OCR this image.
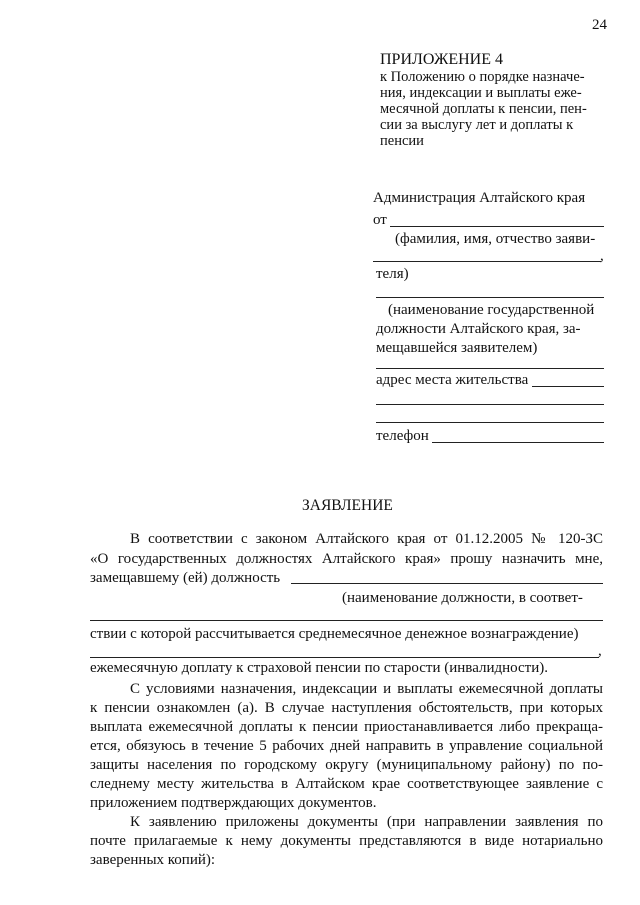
24
ПРИЛОЖЕНИЕ 4
к Положению о порядке назначе-
ния, индексации и выплаты еже-
месячной доплаты к пенсии, пен-
сии за выслугу лет и доплаты к
пенсии
Администрация Алтайского края
от
(фамилия, имя, отчество заяви-
,
теля)
(наименование государственной
должности Алтайского края, за-
мещавшейся заявителем)
адрес места жительства
телефон
ЗАЯВЛЕНИЕ
В соответствии с законом Алтайского края от 01.12.2005 № 120-ЗС
«О государственных должностях Алтайского края» прошу назначить мне,
замещавшему (ей) должность
(наименование должности, в соответ-
ствии с которой рассчитывается среднемесячное денежное вознаграждение)
,
ежемесячную доплату к страховой пенсии по старости (инвалидности).
С условиями назначения, индексации и выплаты ежемесячной доплаты
к пенсии ознакомлен (а). В случае наступления обстоятельств, при которых
выплата ежемесячной доплаты к пенсии приостанавливается либо прекраща-
ется, обязуюсь в течение 5 рабочих дней направить в управление социальной
защиты населения по городскому округу (муниципальному району) по по-
следнему месту жительства в Алтайском крае соответствующее заявление с
приложением подтверждающих документов.
К заявлению приложены документы (при направлении заявления по
почте прилагаемые к нему документы представляются в виде нотариально
заверенных копий):
